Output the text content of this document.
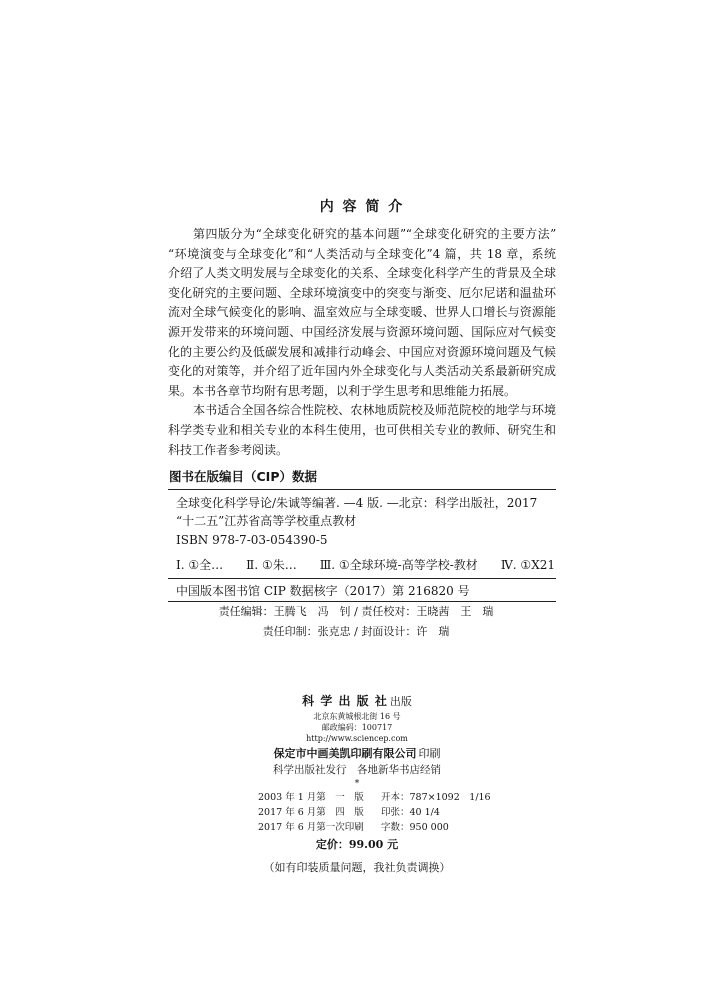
内 容 简 介
第四版分为“全球变化研究的基本问题”“全球变化研究的主要方法”
“环境演变与全球变化”和“人类活动与全球变化”4 篇，共 18 章，系统
介绍了人类文明发展与全球变化的关系、全球变化科学产生的背景及全球
变化研究的主要问题、全球环境演变中的突变与渐变、厄尔尼诺和温盐环
流对全球气候变化的影响、温室效应与全球变暖、世界人口增长与资源能
源开发带来的环境问题、中国经济发展与资源环境问题、国际应对气候变
化的主要公约及低碳发展和减排行动峰会、中国应对资源环境问题及气候
变化的对策等，并介绍了近年国内外全球变化与人类活动关系最新研究成
果。本书各章节均附有思考题，以利于学生思考和思维能力拓展。
本书适合全国各综合性院校、农林地质院校及师范院校的地学与环境
科学类专业和相关专业的本科生使用，也可供相关专业的教师、研究生和
科技工作者参考阅读。
图书在版编目（CIP）数据
全球变化科学导论/朱诚等编著. —4 版. —北京：科学出版社，2017
“十二五”江苏省高等学校重点教材
ISBN 978-7-03-054390-5
Ⅰ. ①全… Ⅱ. ①朱… Ⅲ. ①全球环境-高等学校-教材 Ⅳ. ①X21
中国版本图书馆 CIP 数据核字（2017）第 216820 号
责任编辑：王腾飞　冯　钊 / 责任校对：王晓茜　王　瑞
责任印制：张克忠 / 封面设计：许　瑞
科 学 出 版 社 出版
北京东黄城根北街 16 号
邮政编码：100717
http://www.sciencep.com
保定市中画美凯印刷有限公司 印刷
科学出版社发行　各地新华书店经销
*
2003 年 1 月第　一　版	开本：787×1092　1/16
2017 年 6 月第　四　版	印张：40 1/4
2017 年 6 月第一次印刷	字数：950 000
定价：99.00 元
（如有印装质量问题，我社负责调换）
